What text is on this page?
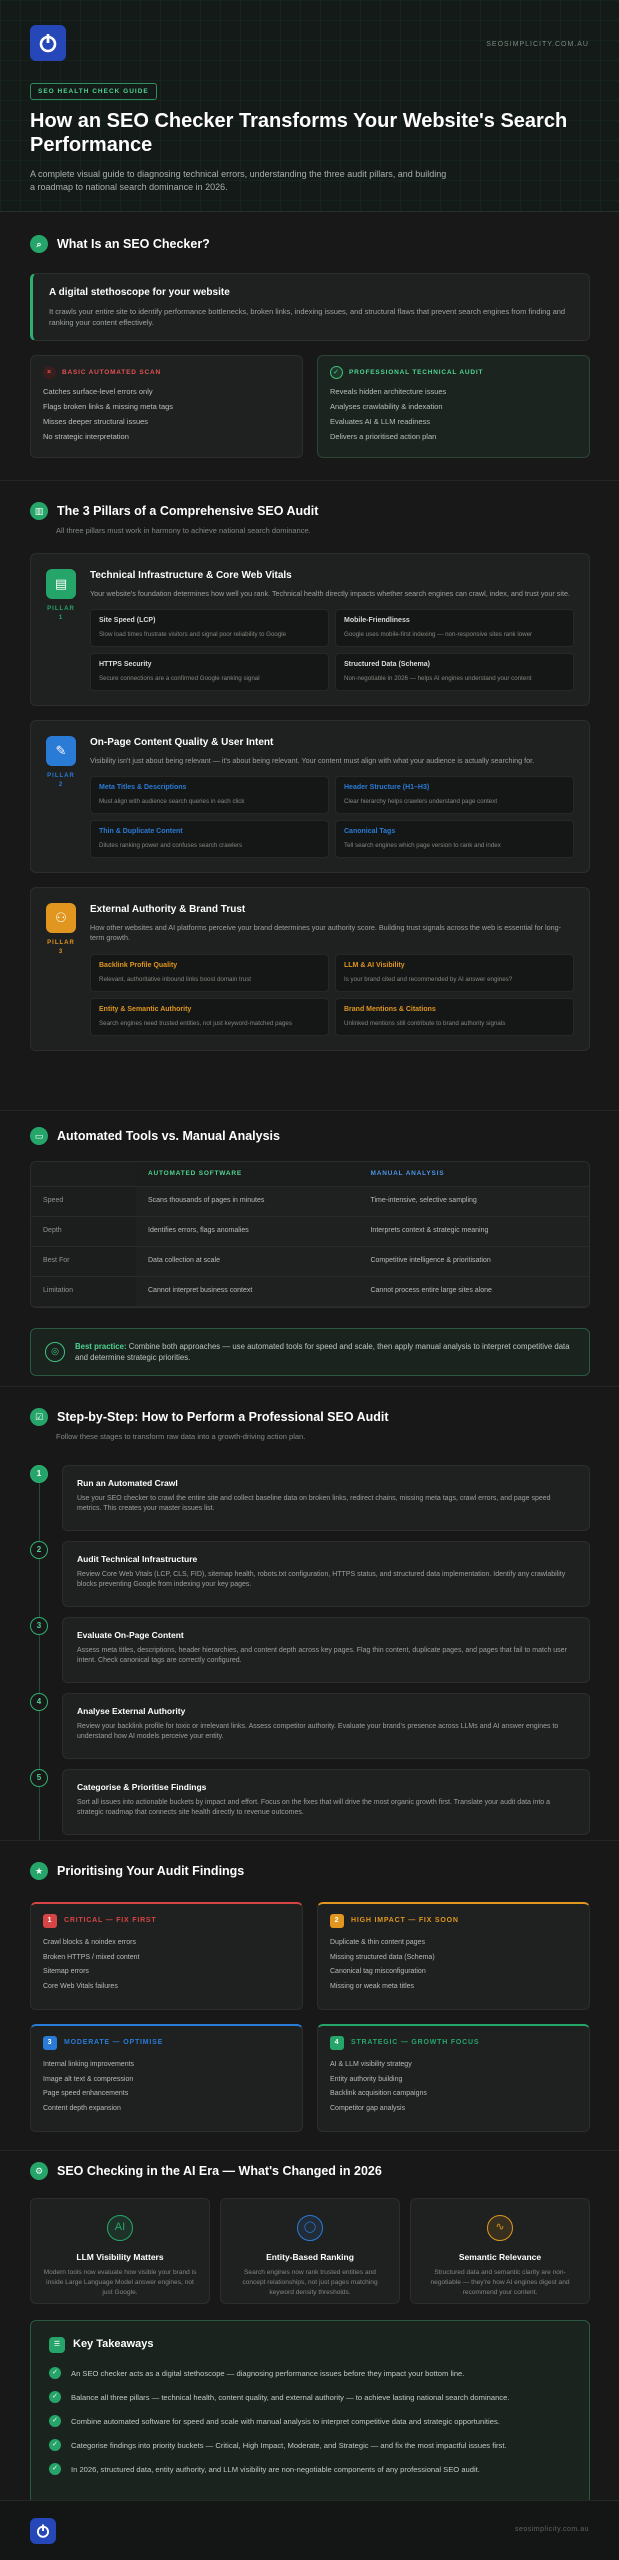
SEOSIMPLICITY.COM.AU
SEO HEALTH CHECK GUIDE
How an SEO Checker Transforms Your Website's Search Performance

A complete visual guide to diagnosing technical errors, understanding the three audit pillars, and building a roadmap to national search dominance in 2026.

⌕	What Is an SEO Checker?
A digital stethoscope for your website

It crawls your entire site to identify performance bottlenecks, broken links, indexing issues, and structural flaws that prevent search engines from finding and ranking your content effectively.

×	BASIC AUTOMATED SCAN
Catches surface-level errors only
Flags broken links & missing meta tags
Misses deeper structural issues
No strategic interpretation
✓	PROFESSIONAL TECHNICAL AUDIT
Reveals hidden architecture issues
Analyses crawlability & indexation
Evaluates AI & LLM readiness
Delivers a prioritised action plan
▥	The 3 Pillars of a Comprehensive SEO Audit
All three pillars must work in harmony to achieve national search dominance.
▤
PILLAR 1
Technical Infrastructure & Core Web Vitals

Your website's foundation determines how well you rank. Technical health directly impacts whether search engines can crawl, index, and trust your site.

Site Speed (LCP)
Slow load times frustrate visitors and signal poor reliability to Google
Mobile-Friendliness
Google uses mobile-first indexing — non-responsive sites rank lower
HTTPS Security
Secure connections are a confirmed Google ranking signal
Structured Data (Schema)
Non-negotiable in 2026 — helps AI engines understand your content
✎
PILLAR 2
On-Page Content Quality & User Intent

Visibility isn't just about being relevant — it's about being relevant. Your content must align with what your audience is actually searching for.

Meta Titles & Descriptions
Must align with audience search queries in each click
Header Structure (H1–H3)
Clear hierarchy helps crawlers understand page context
Thin & Duplicate Content
Dilutes ranking power and confuses search crawlers
Canonical Tags
Tell search engines which page version to rank and index
⚇
PILLAR 3
External Authority & Brand Trust

How other websites and AI platforms perceive your brand determines your authority score. Building trust signals across the web is essential for long-term growth.

Backlink Profile Quality
Relevant, authoritative inbound links boost domain trust
LLM & AI Visibility
Is your brand cited and recommended by AI answer engines?
Entity & Semantic Authority
Search engines need trusted entities, not just keyword-matched pages
Brand Mentions & Citations
Unlinked mentions still contribute to brand authority signals
▭	Automated Tools vs. Manual Analysis
	AUTOMATED SOFTWARE	MANUAL ANALYSIS
Speed	Scans thousands of pages in minutes	Time-intensive, selective sampling
Depth	Identifies errors, flags anomalies	Interprets context & strategic meaning
Best For	Data collection at scale	Competitive intelligence & prioritisation
Limitation	Cannot interpret business context	Cannot process entire large sites alone
◎

Best practice: Combine both approaches — use automated tools for speed and scale, then apply manual analysis to interpret competitive data and determine strategic priorities.

☑	Step-by-Step: How to Perform a Professional SEO Audit
Follow these stages to transform raw data into a growth-driving action plan.
1
Run an Automated Crawl

Use your SEO checker to crawl the entire site and collect baseline data on broken links, redirect chains, missing meta tags, crawl errors, and page speed metrics. This creates your master issues list.

2
Audit Technical Infrastructure

Review Core Web Vitals (LCP, CLS, FID), sitemap health, robots.txt configuration, HTTPS status, and structured data implementation. Identify any crawlability blocks preventing Google from indexing your key pages.

3
Evaluate On-Page Content

Assess meta titles, descriptions, header hierarchies, and content depth across key pages. Flag thin content, duplicate pages, and pages that fail to match user intent. Check canonical tags are correctly configured.

4
Analyse External Authority

Review your backlink profile for toxic or irrelevant links. Assess competitor authority. Evaluate your brand's presence across LLMs and AI answer engines to understand how AI models perceive your entity.

5
Categorise & Prioritise Findings

Sort all issues into actionable buckets by impact and effort. Focus on the fixes that will drive the most organic growth first. Translate your audit data into a strategic roadmap that connects site health directly to revenue outcomes.

★	Prioritising Your Audit Findings
1	CRITICAL — FIX FIRST
Crawl blocks & noindex errors
Broken HTTPS / mixed content
Sitemap errors
Core Web Vitals failures
2	HIGH IMPACT — FIX SOON
Duplicate & thin content pages
Missing structured data (Schema)
Canonical tag misconfiguration
Missing or weak meta titles
3	MODERATE — OPTIMISE
Internal linking improvements
Image alt text & compression
Page speed enhancements
Content depth expansion
4	STRATEGIC — GROWTH FOCUS
AI & LLM visibility strategy
Entity authority building
Backlink acquisition campaigns
Competitor gap analysis
⚙	SEO Checking in the AI Era — What's Changed in 2026
AI
LLM Visibility Matters

Modern tools now evaluate how visible your brand is inside Large Language Model answer engines, not just Google.

◯
Entity-Based Ranking

Search engines now rank trusted entities and concept relationships, not just pages matching keyword density thresholds.

∿
Semantic Relevance

Structured data and semantic clarity are non-negotiable — they're how AI engines digest and recommend your content.

☰	Key Takeaways
✓	An SEO checker acts as a digital stethoscope — diagnosing performance issues before they impact your bottom line.
✓	Balance all three pillars — technical health, content quality, and external authority — to achieve lasting national search dominance.
✓	Combine automated software for speed and scale with manual analysis to interpret competitive data and strategic opportunities.
✓	Categorise findings into priority buckets — Critical, High Impact, Moderate, and Strategic — and fix the most impactful issues first.
✓	In 2026, structured data, entity authority, and LLM visibility are non-negotiable components of any professional SEO audit.
seosimplicity.com.au
